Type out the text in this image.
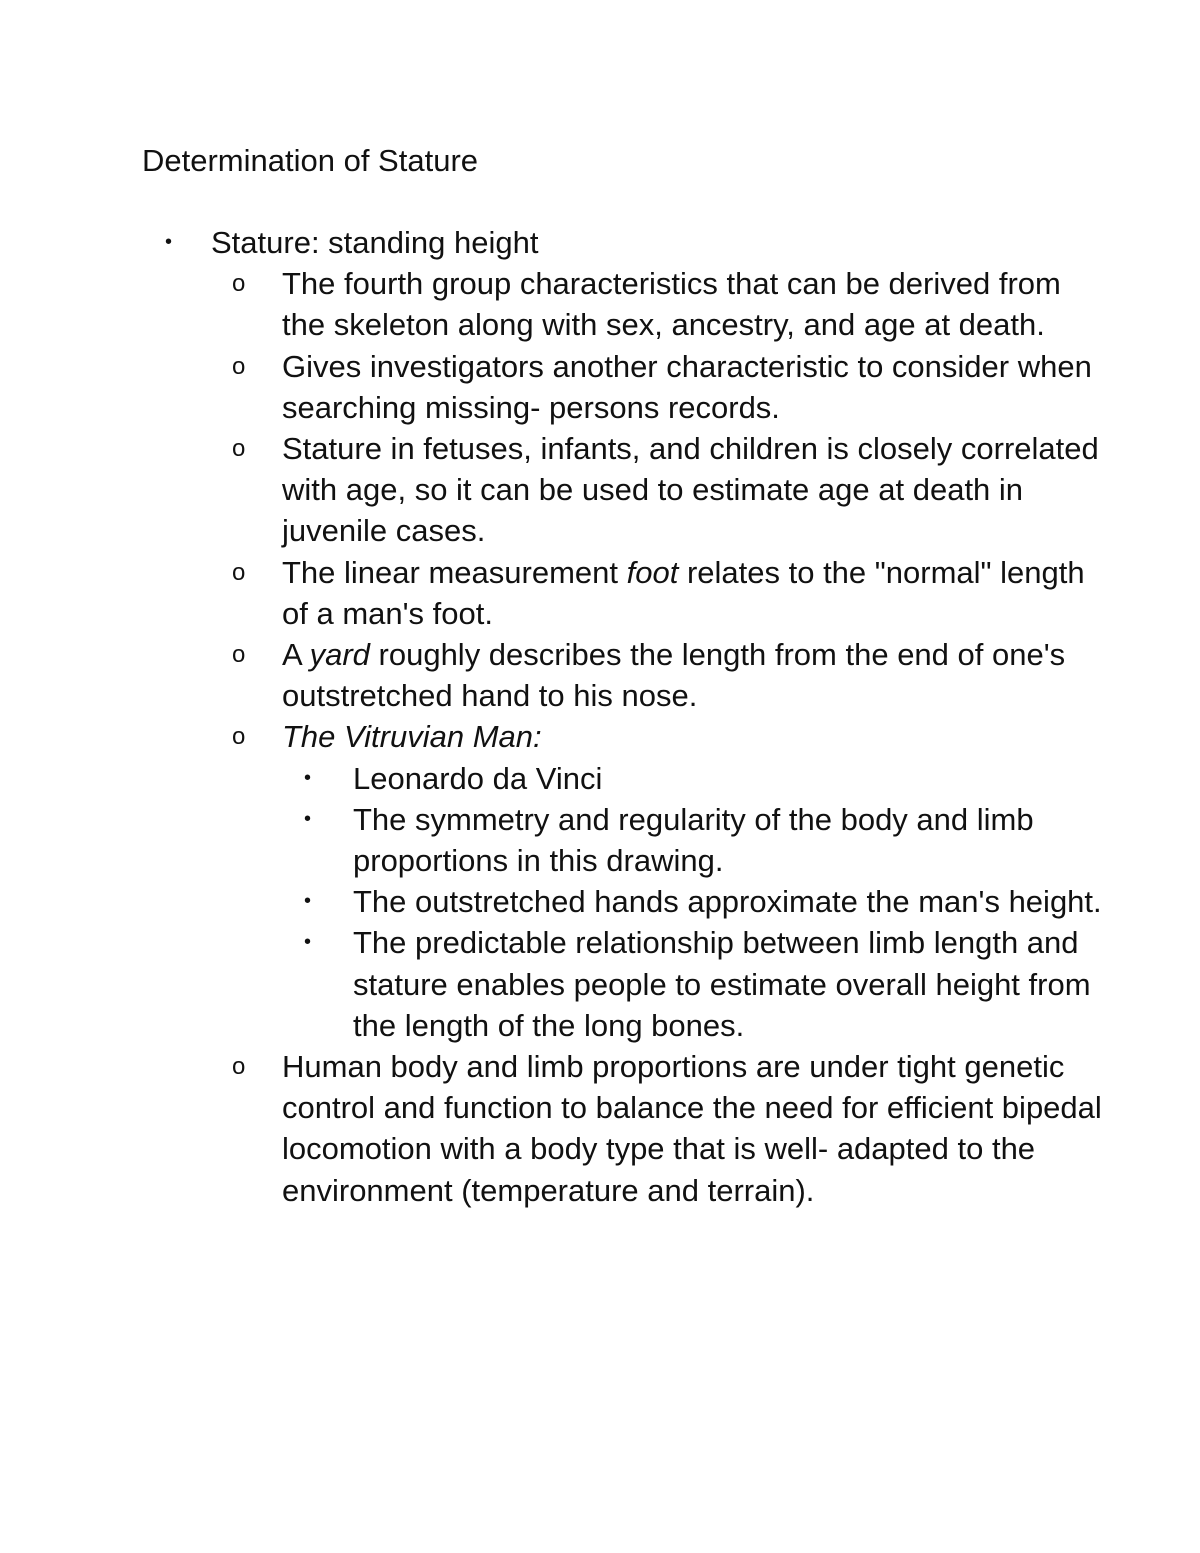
Determination of Stature
• Stature: standing height
o The fourth group characteristics that can be derived from the skeleton along with sex, ancestry, and age at death.
o Gives investigators another characteristic to consider when searching missing- persons records.
o Stature in fetuses, infants, and children is closely correlated with age, so it can be used to estimate age at death in juvenile cases.
o The linear measurement foot relates to the "normal" length of a man's foot.
o A yard roughly describes the length from the end of one's outstretched hand to his nose.
o The Vitruvian Man:
• Leonardo da Vinci
• The symmetry and regularity of the body and limb proportions in this drawing.
• The outstretched hands approximate the man's height.
• The predictable relationship between limb length and stature enables people to estimate overall height from the length of the long bones.
o Human body and limb proportions are under tight genetic control and function to balance the need for efficient bipedal locomotion with a body type that is well- adapted to the environment (temperature and terrain).
